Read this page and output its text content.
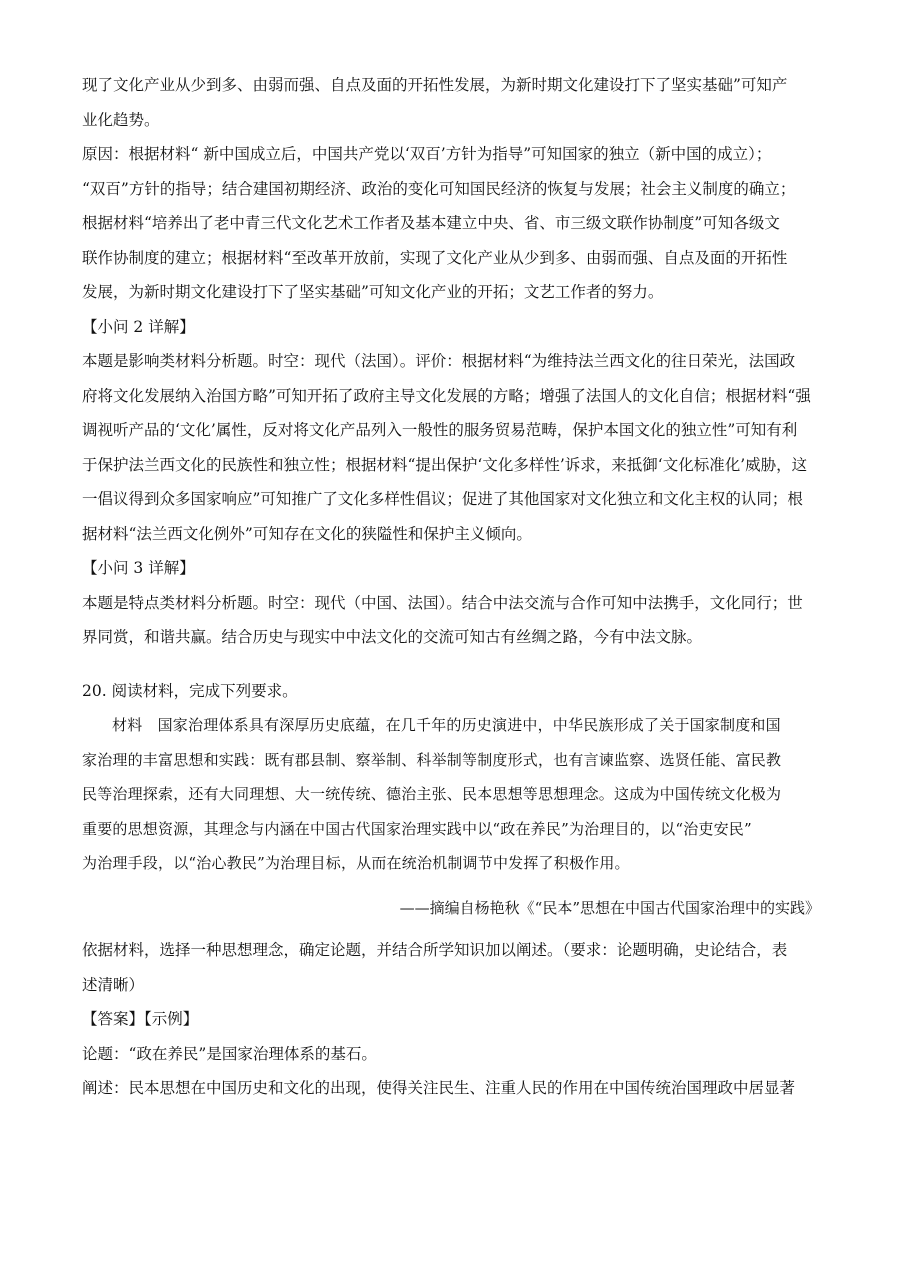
现了文化产业从少到多、由弱而强、自点及面的开拓性发展，为新时期文化建设打下了坚实基础”可知产
业化趋势。
原因：根据材料“ 新中国成立后，中国共产党以‘双百’方针为指导”可知国家的独立（新中国的成立）；
“双百”方针的指导；结合建国初期经济、政治的变化可知国民经济的恢复与发展；社会主义制度的确立；
根据材料“培养出了老中青三代文化艺术工作者及基本建立中央、省、市三级文联作协制度”可知各级文
联作协制度的建立；根据材料“至改革开放前，实现了文化产业从少到多、由弱而强、自点及面的开拓性
发展，为新时期文化建设打下了坚实基础”可知文化产业的开拓；文艺工作者的努力。
【小问 2 详解】
本题是影响类材料分析题。时空：现代（法国）。评价：根据材料“为维持法兰西文化的往日荣光，法国政
府将文化发展纳入治国方略”可知开拓了政府主导文化发展的方略；增强了法国人的文化自信；根据材料“强
调视听产品的‘文化’属性，反对将文化产品列入一般性的服务贸易范畴，保护本国文化的独立性”可知有利
于保护法兰西文化的民族性和独立性；根据材料“提出保护‘文化多样性’诉求，来抵御‘文化标准化’威胁，这
一倡议得到众多国家响应”可知推广了文化多样性倡议；促进了其他国家对文化独立和文化主权的认同；根
据材料“法兰西文化例外”可知存在文化的狭隘性和保护主义倾向。
【小问 3 详解】
本题是特点类材料分析题。时空：现代（中国、法国）。结合中法交流与合作可知中法携手，文化同行；世
界同赏，和谐共赢。结合历史与现实中中法文化的交流可知古有丝绸之路，今有中法文脉。
20. 阅读材料，完成下列要求。
材料　国家治理体系具有深厚历史底蕴，在几千年的历史演进中，中华民族形成了关于国家制度和国
家治理的丰富思想和实践：既有郡县制、察举制、科举制等制度形式，也有言谏监察、选贤任能、富民教
民等治理探索，还有大同理想、大一统传统、德治主张、民本思想等思想理念。这成为中国传统文化极为
重要的思想资源，其理念与内涵在中国古代国家治理实践中以“政在养民”为治理目的，以“治吏安民”
为治理手段，以“治心教民”为治理目标，从而在统治机制调节中发挥了积极作用。
——摘编自杨艳秋《“民本”思想在中国古代国家治理中的实践》
依据材料，选择一种思想理念，确定论题，并结合所学知识加以阐述。（要求：论题明确，史论结合，表
述清晰）
【答案】【示例】
论题：“政在养民”是国家治理体系的基石。
阐述：民本思想在中国历史和文化的出现，使得关注民生、注重人民的作用在中国传统治国理政中居显著
